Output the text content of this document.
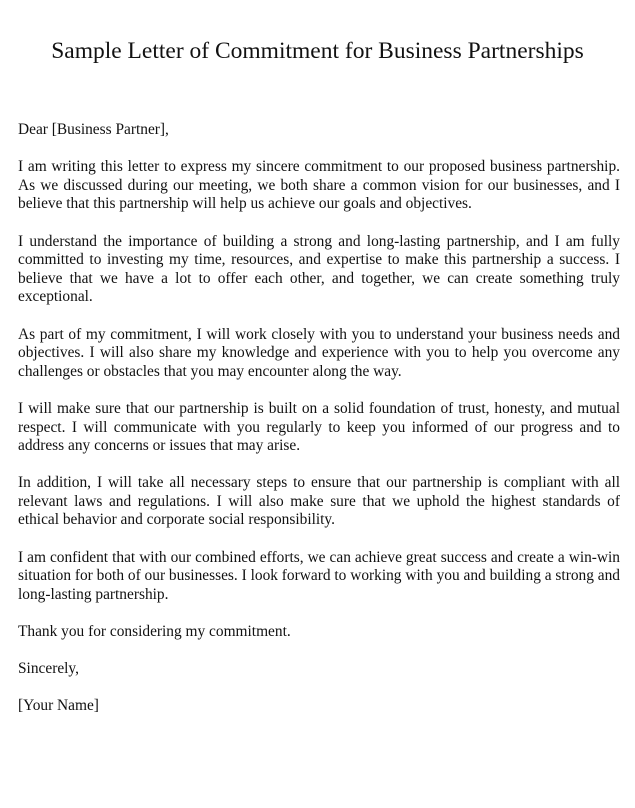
Sample Letter of Commitment for Business Partnerships

Dear [Business Partner],

I am writing this letter to express my sincere commitment to our proposed business partnership. As we discussed during our meeting, we both share a common vision for our businesses, and I believe that this partnership will help us achieve our goals and objectives.

I understand the importance of building a strong and long-lasting partnership, and I am fully committed to investing my time, resources, and expertise to make this partnership a success. I believe that we have a lot to offer each other, and together, we can create something truly exceptional.

As part of my commitment, I will work closely with you to understand your business needs and objectives. I will also share my knowledge and experience with you to help you overcome any challenges or obstacles that you may encounter along the way.

I will make sure that our partnership is built on a solid foundation of trust, honesty, and mutual respect. I will communicate with you regularly to keep you informed of our progress and to address any concerns or issues that may arise.

In addition, I will take all necessary steps to ensure that our partnership is compliant with all relevant laws and regulations. I will also make sure that we uphold the highest standards of ethical behavior and corporate social responsibility.

I am confident that with our combined efforts, we can achieve great success and create a win-win situation for both of our businesses. I look forward to working with you and building a strong and long-lasting partnership.

Thank you for considering my commitment.

Sincerely,

[Your Name]
